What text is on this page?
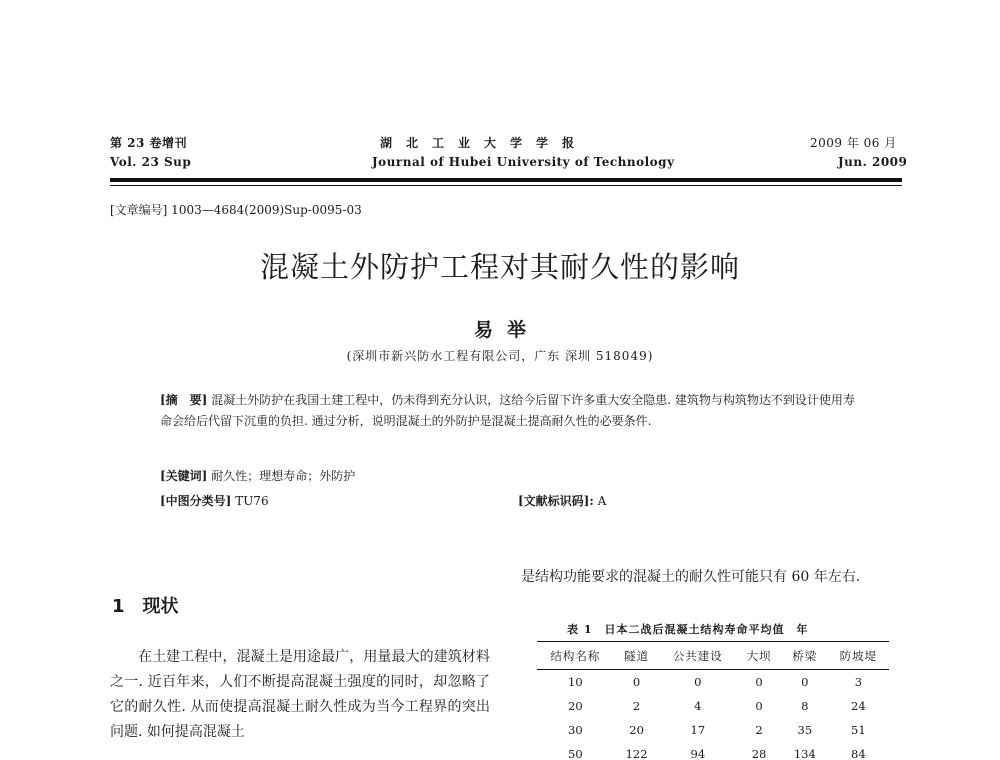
第 23 卷增刊
Vol. 23 Sup
湖北工业大学学报
Journal of Hubei University of Technology
2009 年 06 月
Jun. 2009
[文章编号] 1003—4684(2009)Sup-0095-03
混凝土外防护工程对其耐久性的影响
易举
(深圳市新兴防水工程有限公司，广东 深圳 518049)
[摘　要] 混凝土外防护在我国土建工程中，仍未得到充分认识，这给今后留下许多重大安全隐患. 建筑物与构筑物达不到设计使用寿命会给后代留下沉重的负担. 通过分析，说明混凝土的外防护是混凝土提高耐久性的必要条件.
[关键词] 耐久性；理想寿命；外防护
[中图分类号] TU76	[文献标识码]: A
1　现状

在土建工程中，混凝土是用途最广，用量最大的建筑材料之一. 近百年来，人们不断提高混凝土强度的同时，却忽略了它的耐久性. 从而使提高混凝土耐久性成为当今工程界的突出问题. 如何提高混凝土

是结构功能要求的混凝土的耐久性可能只有 60 年左右.
表 1　日本二战后混凝土结构寿命平均值　年
结构名称	隧道	公共建设	大坝	桥梁	防坡堤
10	0	0	0	0	3
20	2	4	0	8	24
30	20	17	2	35	51
50	122	94	28	134	84
